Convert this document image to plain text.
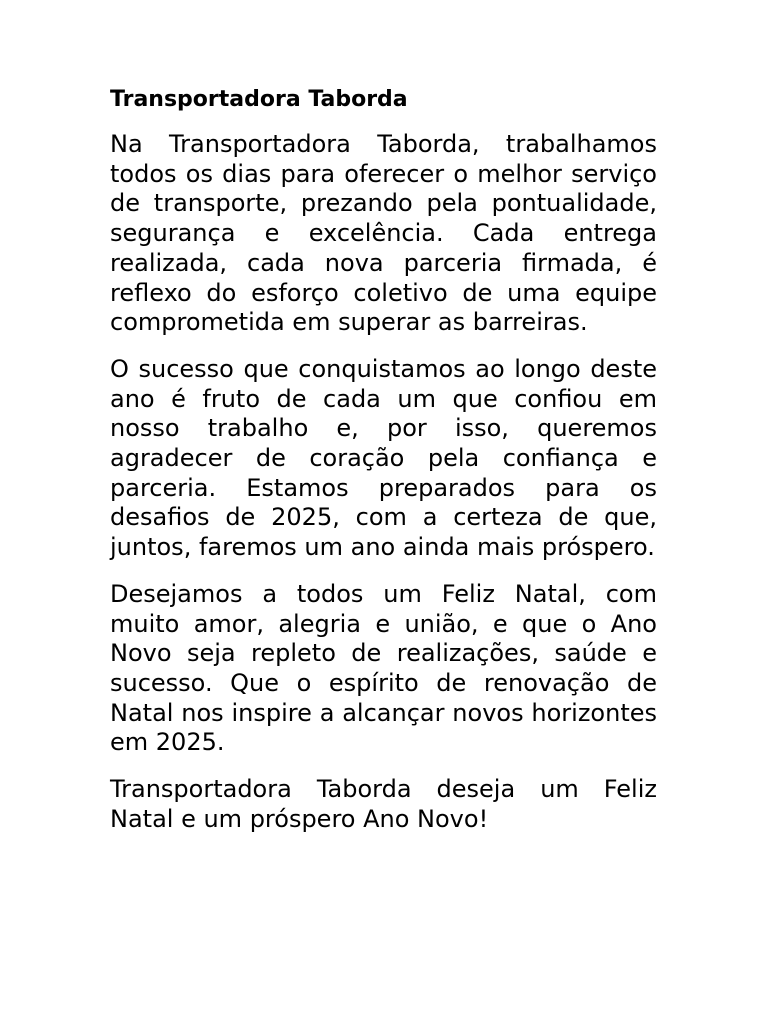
Transportadora Taborda

Na Transportadora Taborda, trabalhamos todos os dias para oferecer o melhor serviço de transporte, prezando pela pontualidade, segurança e excelência. Cada entrega realizada, cada nova parceria firmada, é reflexo do esforço coletivo de uma equipe comprometida em superar as barreiras.

O sucesso que conquistamos ao longo deste ano é fruto de cada um que confiou em nosso trabalho e, por isso, queremos agradecer de coração pela confiança e parceria. Estamos preparados para os desafios de 2025, com a certeza de que, juntos, faremos um ano ainda mais próspero.

Desejamos a todos um Feliz Natal, com muito amor, alegria e união, e que o Ano Novo seja repleto de realizações, saúde e sucesso. Que o espírito de renovação de Natal nos inspire a alcançar novos horizontes em 2025.

Transportadora Taborda deseja um Feliz Natal e um próspero Ano Novo!
